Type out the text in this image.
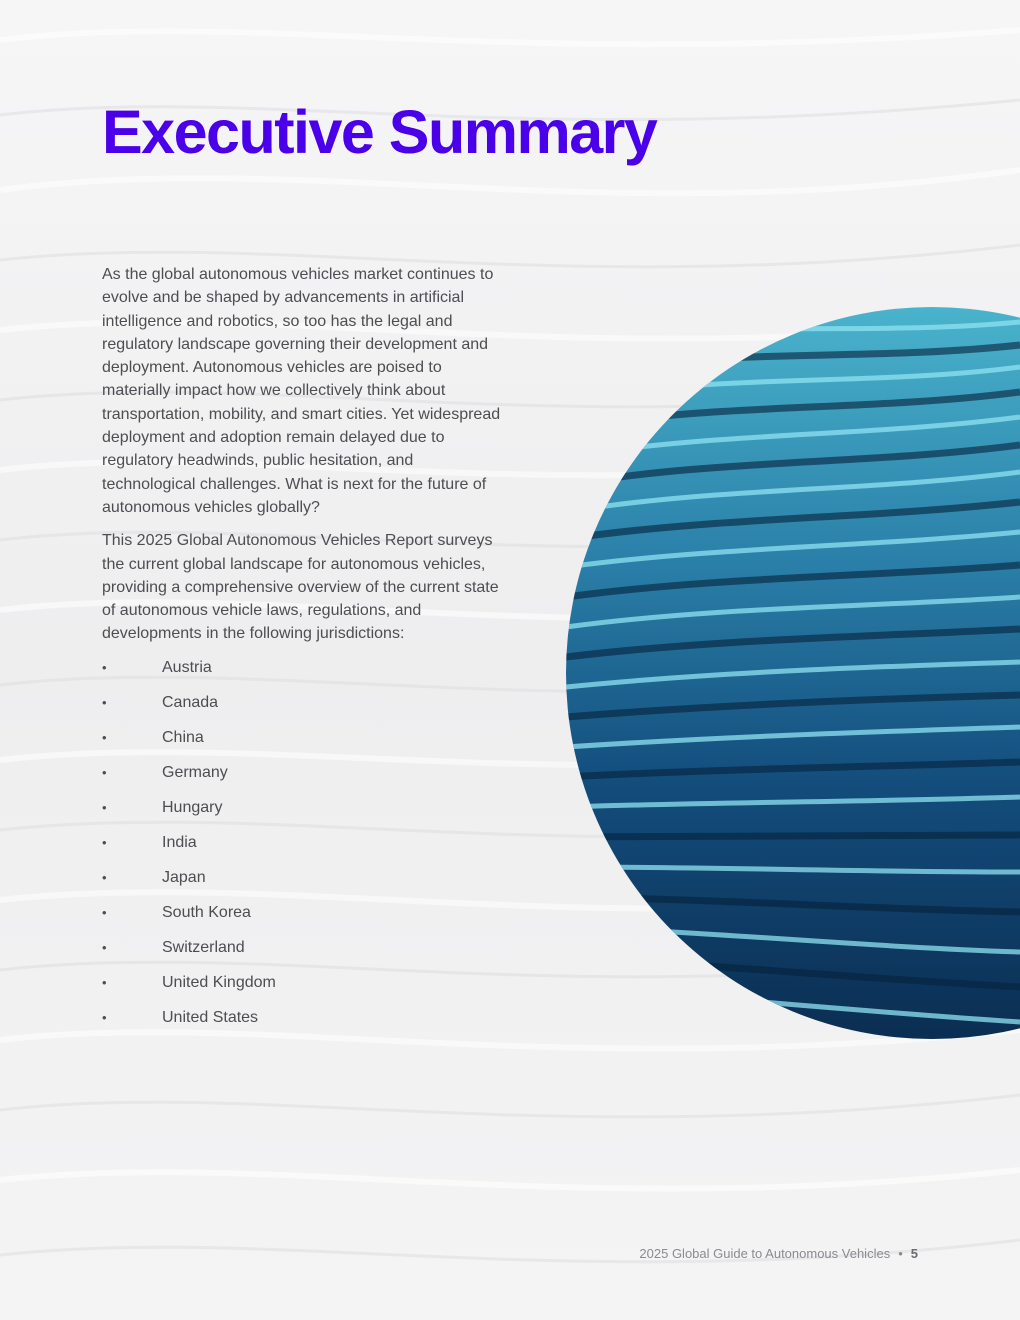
Executive Summary

As the global autonomous vehicles market continues to evolve and be shaped by advancements in artificial intelligence and robotics, so too has the legal and regulatory landscape governing their development and deployment. Autonomous vehicles are poised to materially impact how we collectively think about transportation, mobility, and smart cities. Yet widespread deployment and adoption remain delayed due to regulatory headwinds, public hesitation, and technological challenges. What is next for the future of autonomous vehicles globally?

This 2025 Global Autonomous Vehicles Report surveys the current global landscape for autonomous vehicles, providing a comprehensive overview of the current state of autonomous vehicle laws, regulations, and developments in the following jurisdictions:

•	Austria
•	Canada
•	China
•	Germany
•	Hungary
•	India
•	Japan
•	South Korea
•	Switzerland
•	United Kingdom
•	United States
2025 Global Guide to Autonomous Vehicles • 5
